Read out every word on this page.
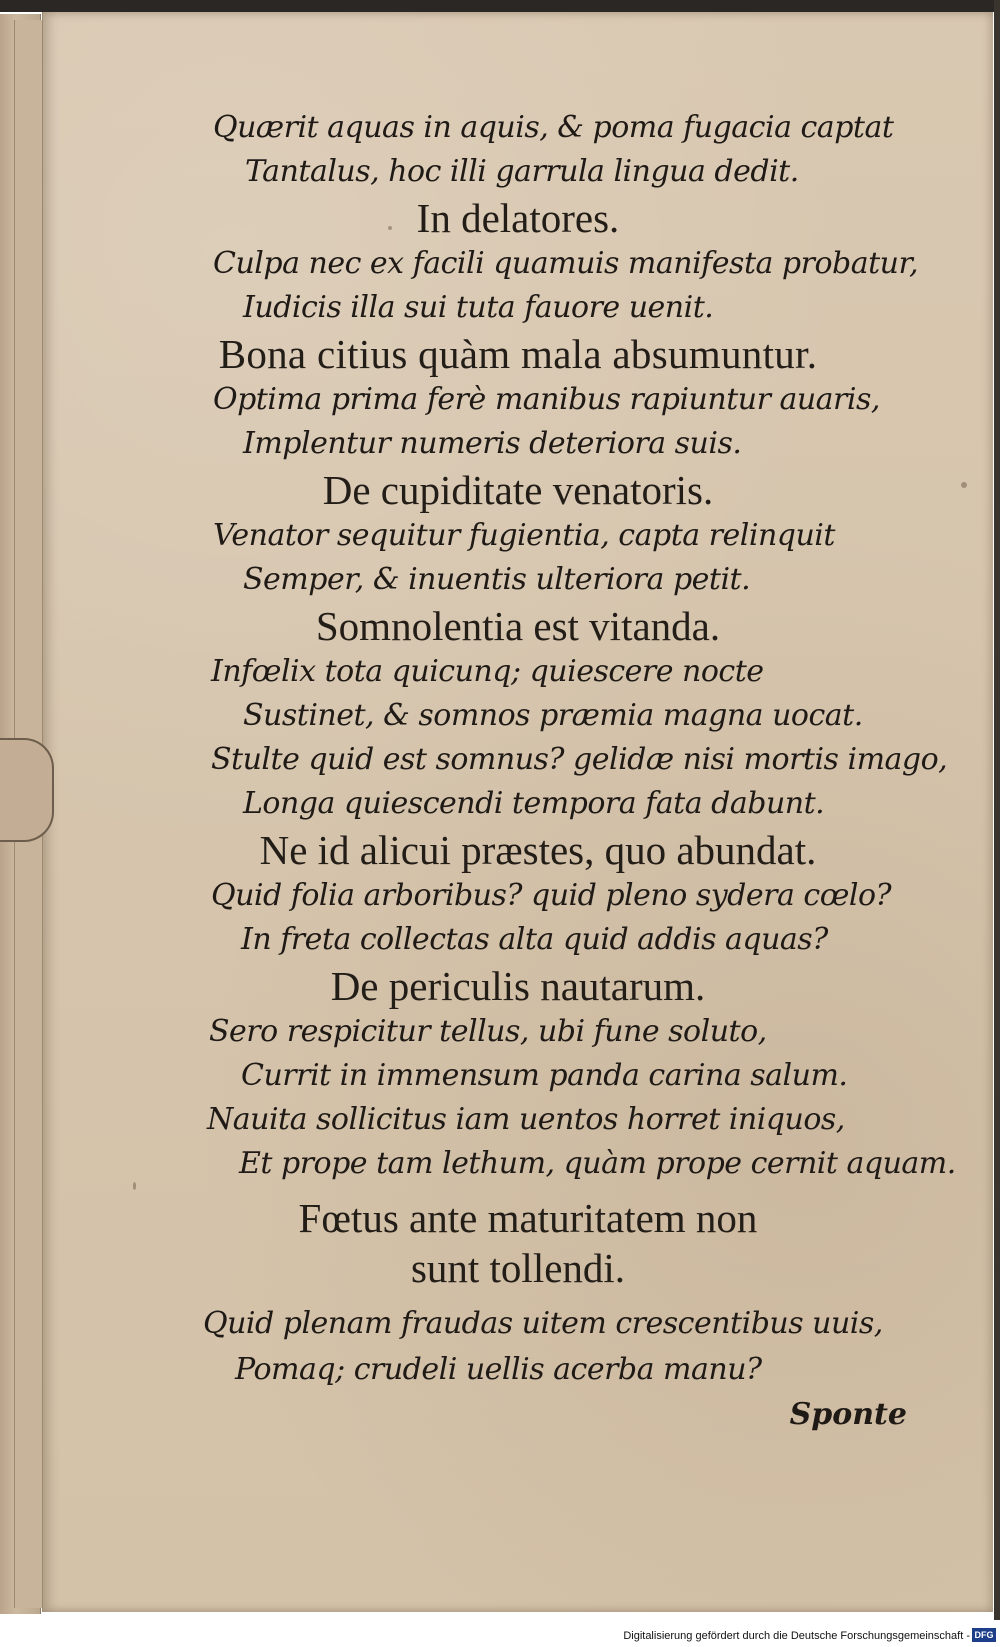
Quærit aquas in aquis, & poma fugacia captat
Tantalus, hoc illi garrula lingua dedit.
In delatores.
Culpa nec ex facili quamuis manifesta probatur,
Iudicis illa sui tuta fauore uenit.
Bona citius quàm mala absumuntur.
Optima prima ferè manibus rapiuntur auaris,
Implentur numeris deteriora suis.
De cupiditate venatoris.
Venator sequitur fugientia, capta relinquit
Semper, & inuentis ulteriora petit.
Somnolentia est vitanda.
Infœlix tota quicunq; quiescere nocte
Sustinet, & somnos præmia magna uocat.
Stulte quid est somnus? gelidæ nisi mortis imago,
Longa quiescendi tempora fata dabunt.
Ne id alicui præstes, quo abundat.
Quid folia arboribus? quid pleno sydera cœlo?
In freta collectas alta quid addis aquas?
De periculis nautarum.
Sero respicitur tellus, ubi fune soluto,
Currit in immensum panda carina salum.
Nauita sollicitus iam uentos horret iniquos,
Et prope tam lethum, quàm prope cernit aquam.
Fœtus ante maturitatem non
sunt tollendi.
Quid plenam fraudas uitem crescentibus uuis,
Pomaq; crudeli uellis acerba manu?
Sponte
Digitalisierung gefördert durch die Deutsche Forschungsgemeinschaft - DFG
